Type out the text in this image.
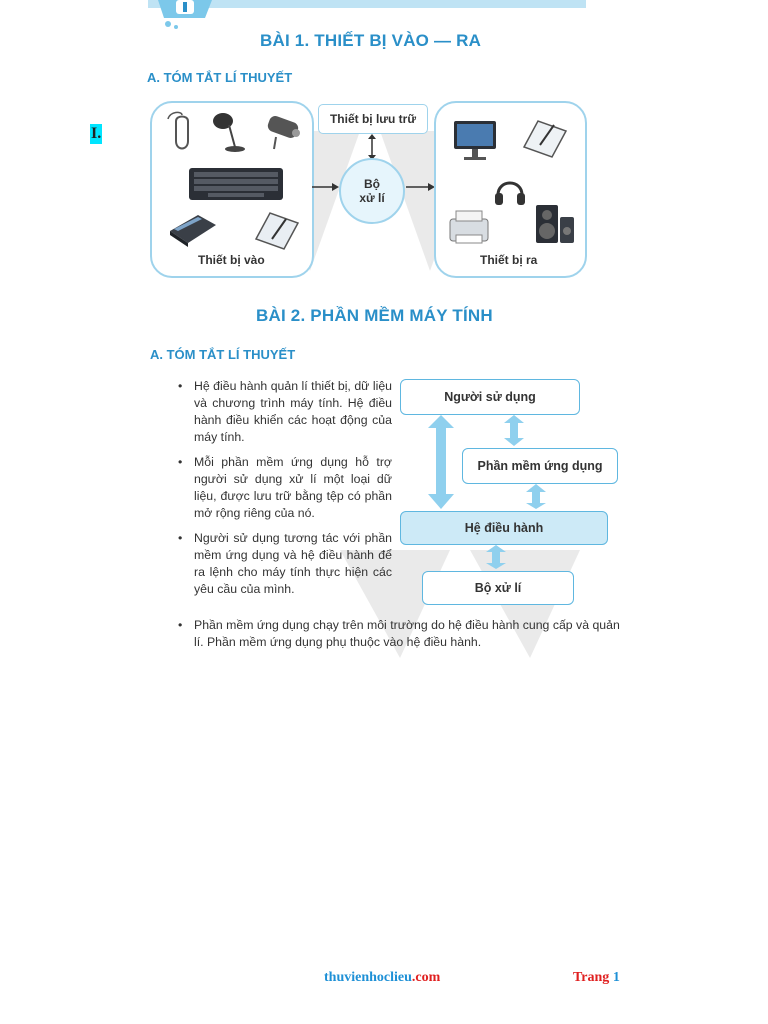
I.
BÀI 1. THIẾT BỊ VÀO — RA
A. TÓM TẮT LÍ THUYẾT
Thiết bị vào
Thiết bị lưu trữ
Bộ
xử lí
Thiết bị ra
BÀI 2. PHẦN MỀM MÁY TÍNH
A. TÓM TẮT LÍ THUYẾT

• Hệ điều hành quản lí thiết bị, dữ liệu và chương trình máy tính. Hệ điều hành điều khiển các hoạt động của máy tính.

• Mỗi phần mềm ứng dụng hỗ trợ người sử dụng xử lí một loại dữ liệu, được lưu trữ bằng tệp có phần mở rộng riêng của nó.

• Người sử dụng tương tác với phần mềm ứng dụng và hệ điều hành để ra lệnh cho máy tính thực hiện các yêu cầu của mình.

• Phần mềm ứng dụng chạy trên môi trường do hệ điều hành cung cấp và quản lí. Phần mềm ứng dụng phụ thuộc vào hệ điều hành.
Người sử dụng
Phần mềm ứng dụng
Hệ điều hành
Bộ xử lí
thuvienhoclieu.com	Trang 1
